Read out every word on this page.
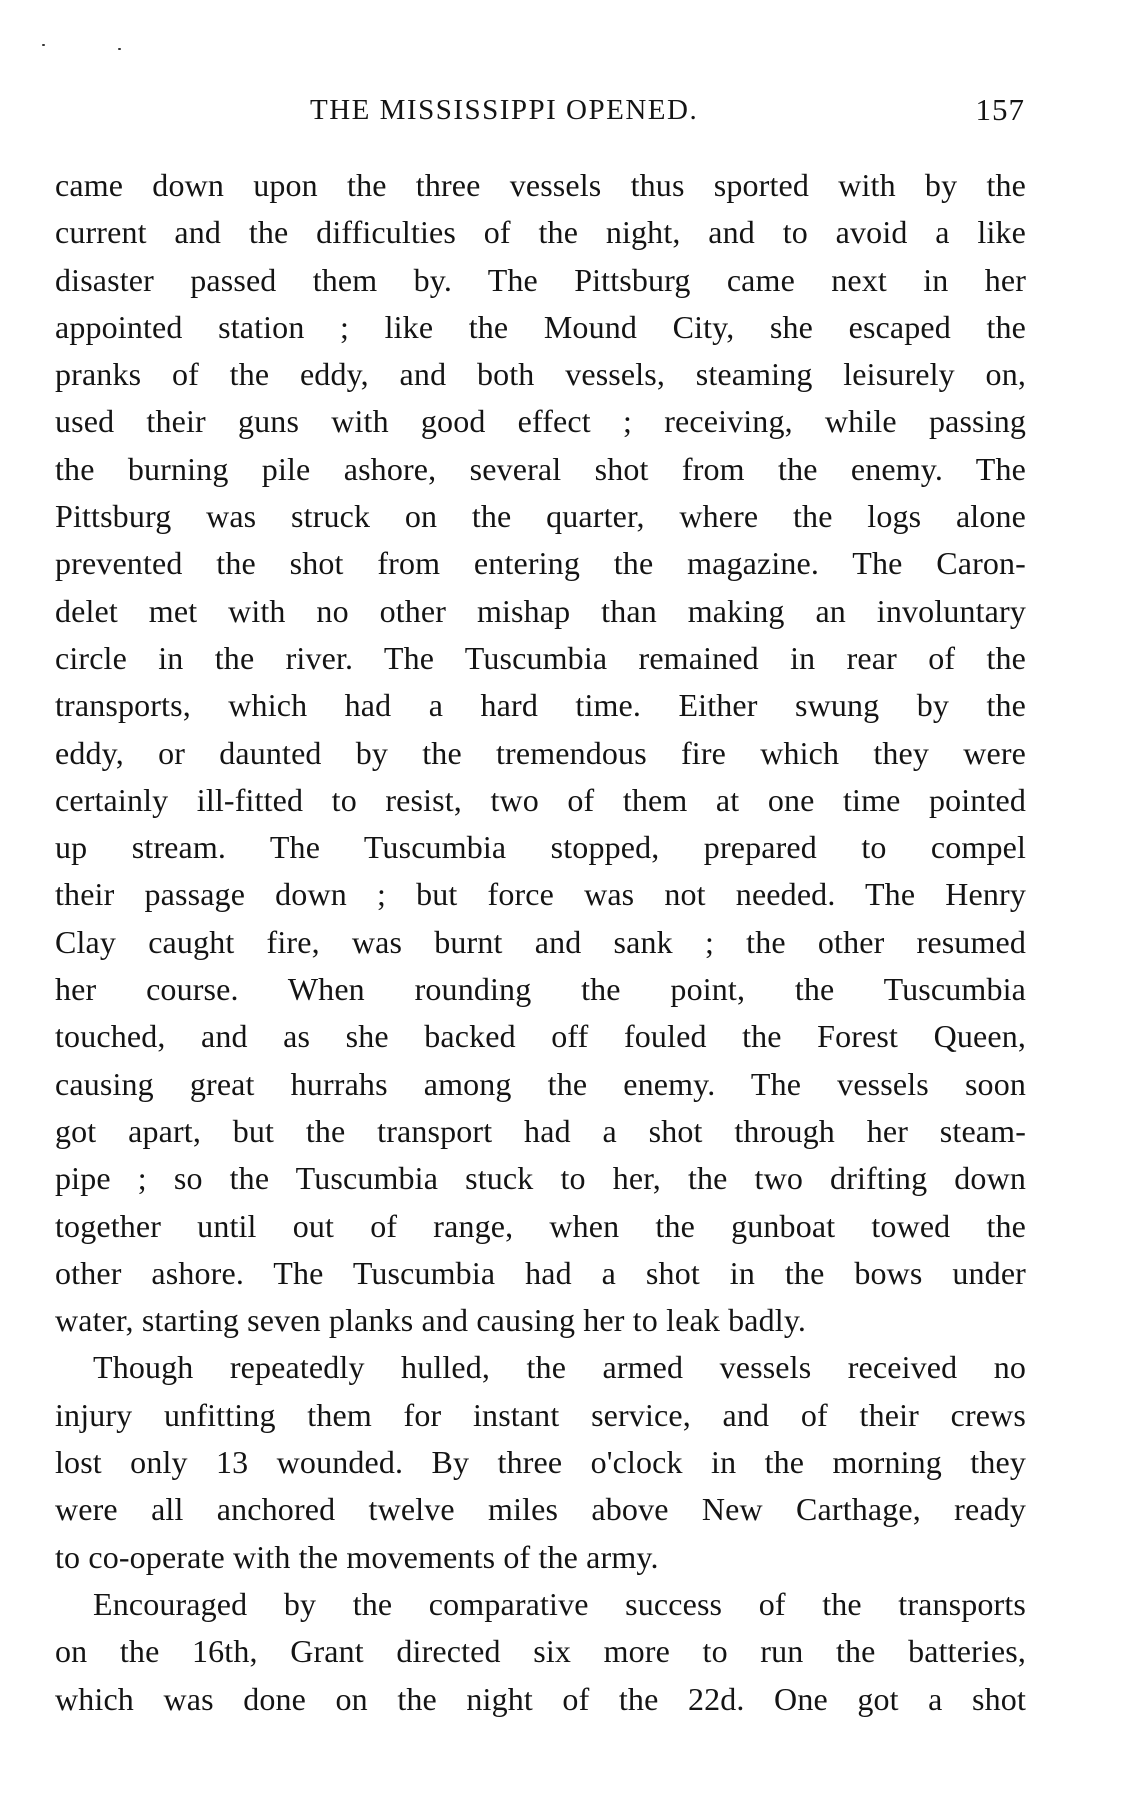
THE MISSISSIPPI OPENED.	157
came down upon the three vessels thus sported with by the
current and the difficulties of the night, and to avoid a like
disaster passed them by. The Pittsburg came next in her
appointed station ; like the Mound City, she escaped the
pranks of the eddy, and both vessels, steaming leisurely on,
used their guns with good effect ; receiving, while passing
the burning pile ashore, several shot from the enemy. The
Pittsburg was struck on the quarter, where the logs alone
prevented the shot from entering the magazine. The Caron-
delet met with no other mishap than making an involuntary
circle in the river. The Tuscumbia remained in rear of the
transports, which had a hard time. Either swung by the
eddy, or daunted by the tremendous fire which they were
certainly ill-fitted to resist, two of them at one time pointed
up stream. The Tuscumbia stopped, prepared to compel
their passage down ; but force was not needed. The Henry
Clay caught fire, was burnt and sank ; the other resumed
her course. When rounding the point, the Tuscumbia
touched, and as she backed off fouled the Forest Queen,
causing great hurrahs among the enemy. The vessels soon
got apart, but the transport had a shot through her steam-
pipe ; so the Tuscumbia stuck to her, the two drifting down
together until out of range, when the gunboat towed the
other ashore. The Tuscumbia had a shot in the bows under
water, starting seven planks and causing her to leak badly.
Though repeatedly hulled, the armed vessels received no
injury unfitting them for instant service, and of their crews
lost only 13 wounded. By three o'clock in the morning they
were all anchored twelve miles above New Carthage, ready
to co-operate with the movements of the army.
Encouraged by the comparative success of the transports
on the 16th, Grant directed six more to run the batteries,
which was done on the night of the 22d. One got a shot
